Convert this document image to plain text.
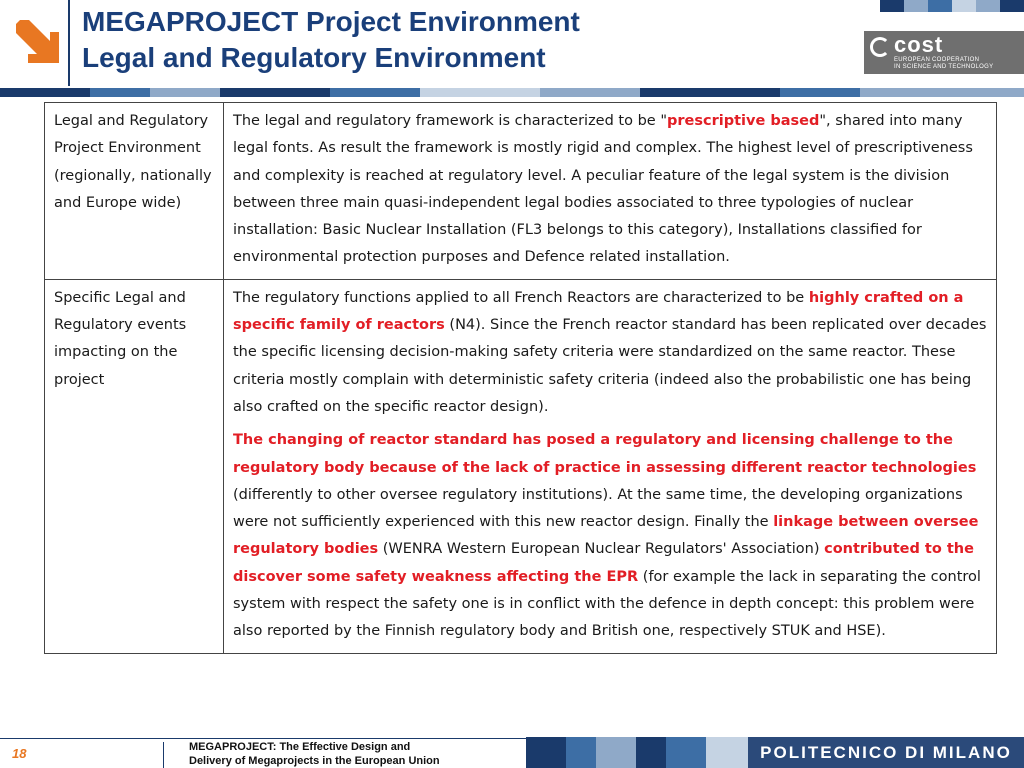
MEGAPROJECT Project Environment
Legal and Regulatory Environment	cost
EUROPEAN COOPERATION
IN SCIENCE AND TECHNOLOGY
Legal and Regulatory Project Environment (regionally, nationally and Europe wide)	The legal and regulatory framework is characterized to be "prescriptive based", shared into many legal fonts. As result the framework is mostly rigid and complex. The highest level of prescriptiveness and complexity is reached at regulatory level. A peculiar feature of the legal system is the division between three main quasi-independent legal bodies associated to three typologies of nuclear installation: Basic Nuclear Installation (FL3 belongs to this category), Installations classified for environmental protection purposes and Defence related installation.

Specific Legal and Regulatory events impacting on the project	The regulatory functions applied to all French Reactors are characterized to be highly crafted on a specific family of reactors (N4). Since the French reactor standard has been replicated over decades the specific licensing decision-making safety criteria were standardized on the same reactor. These criteria mostly complain with deterministic safety criteria (indeed also the probabilistic one has being also crafted on the specific reactor design).

The changing of reactor standard has posed a regulatory and licensing challenge to the regulatory body because of the lack of practice in assessing different reactor technologies (differently to other oversee regulatory institutions). At the same time, the developing organizations were not sufficiently experienced with this new reactor design. Finally the linkage between oversee regulatory bodies (WENRA Western European Nuclear Regulators' Association) contributed to the discover some safety weakness affecting the EPR (for example the lack in separating the control system with respect the safety one is in conflict with the defence in depth concept: this problem were also reported by the Finnish regulatory body and British one, respectively STUK and HSE).

18	MEGAPROJECT: The Effective Design and
Delivery of Megaprojects in the European Union	POLITECNICO DI MILANO
